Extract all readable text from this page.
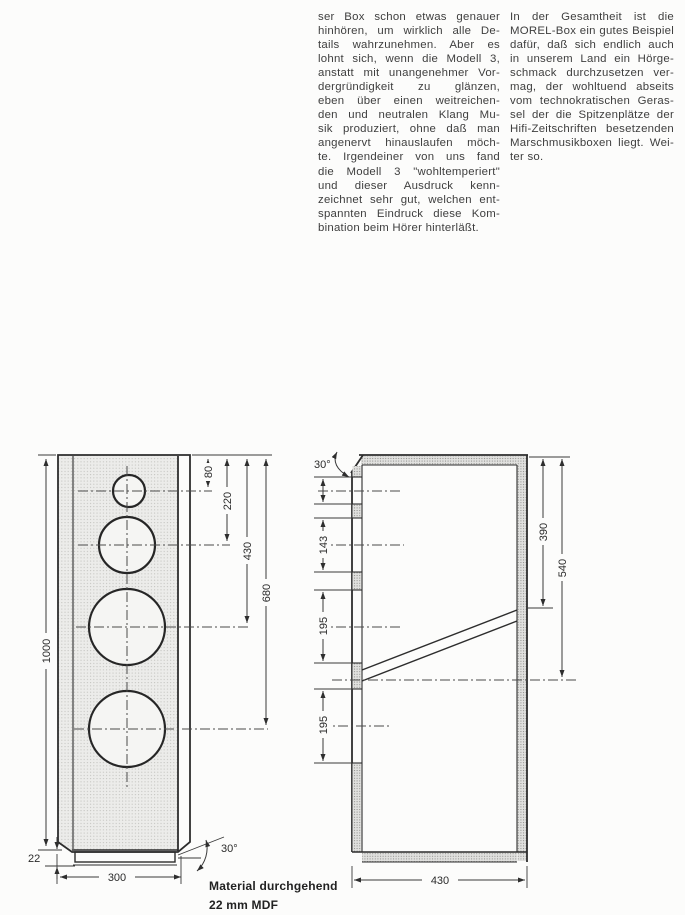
ser Box schon etwas genauer
hinhören, um wirklich alle De-
tails wahrzunehmen. Aber es
lohnt sich, wenn die Modell 3,
anstatt mit unangenehmer Vor-
dergründigkeit zu glänzen,
eben über einen weitreichen-
den und neutralen Klang Mu-
sik produziert, ohne daß man
angenervt hinauslaufen möch-
te. Irgendeiner von uns fand
die Modell 3 "wohltemperiert"
und dieser Ausdruck kenn-
zeichnet sehr gut, welchen ent-
spannten Eindruck diese Kom-
bination beim Hörer hinterläßt.
In der Gesamtheit ist die
MOREL-Box ein gutes Beispiel
dafür, daß sich endlich auch
in unserem Land ein Hörge-
schmack durchzusetzen ver-
mag, der wohltuend abseits
vom technokratischen Geras-
sel der die Spitzenplätze der
Hifi-Zeitschriften besetzenden
Marschmusikboxen liegt. Wei-
ter so.
80
220
430
680
1000
22
300
30°
143
195
195
390
540
430
30°
Material durchgehend
22 mm MDF
